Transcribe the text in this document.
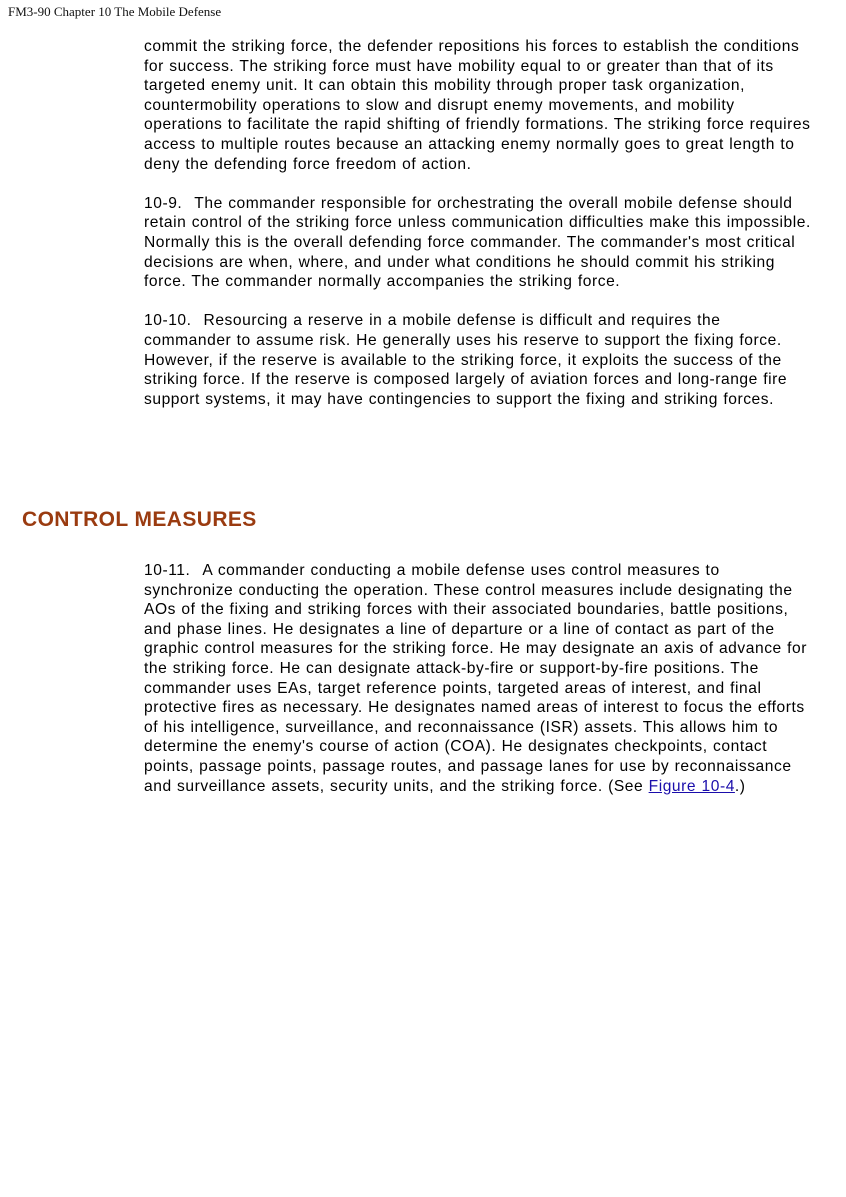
FM3-90 Chapter 10 The Mobile Defense

commit the striking force, the defender repositions his forces to establish the conditions for success. The striking force must have mobility equal to or greater than that of its targeted enemy unit. It can obtain this mobility through proper task organization, countermobility operations to slow and disrupt enemy movements, and mobility operations to facilitate the rapid shifting of friendly formations. The striking force requires access to multiple routes because an attacking enemy normally goes to great length to deny the defending force freedom of action.

10-9. The commander responsible for orchestrating the overall mobile defense should retain control of the striking force unless communication difficulties make this impossible. Normally this is the overall defending force commander. The commander's most critical decisions are when, where, and under what conditions he should commit his striking force. The commander normally accompanies the striking force.

10-10. Resourcing a reserve in a mobile defense is difficult and requires the commander to assume risk. He generally uses his reserve to support the fixing force. However, if the reserve is available to the striking force, it exploits the success of the striking force. If the reserve is composed largely of aviation forces and long-range fire support systems, it may have contingencies to support the fixing and striking forces.

CONTROL MEASURES

10-11. A commander conducting a mobile defense uses control measures to synchronize conducting the operation. These control measures include designating the AOs of the fixing and striking forces with their associated boundaries, battle positions, and phase lines. He designates a line of departure or a line of contact as part of the graphic control measures for the striking force. He may designate an axis of advance for the striking force. He can designate attack-by-fire or support-by-fire positions. The commander uses EAs, target reference points, targeted areas of interest, and final protective fires as necessary. He designates named areas of interest to focus the efforts of his intelligence, surveillance, and reconnaissance (ISR) assets. This allows him to determine the enemy's course of action (COA). He designates checkpoints, contact points, passage points, passage routes, and passage lanes for use by reconnaissance and surveillance assets, security units, and the striking force. (See Figure 10-4.)
